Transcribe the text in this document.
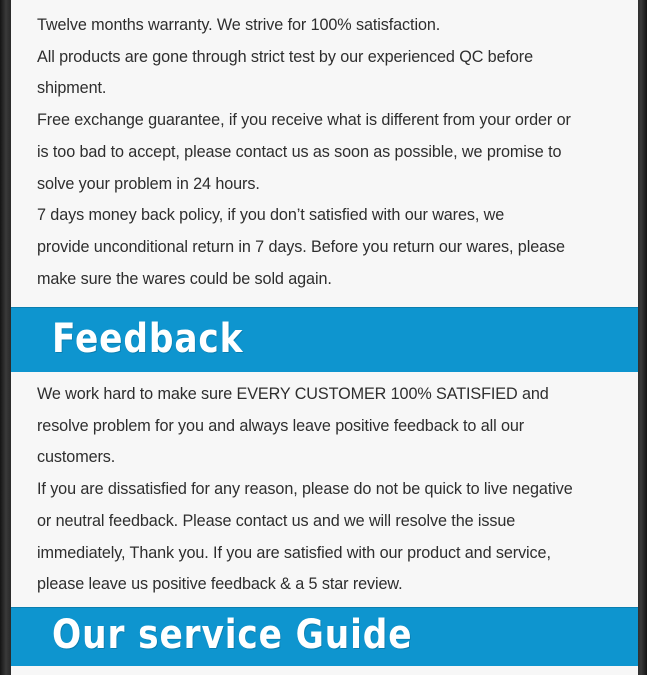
Twelve months warranty. We strive for 100% satisfaction.
All products are gone through strict test by our experienced QC before
shipment.
Free exchange guarantee, if you receive what is different from your order or
is too bad to accept, please contact us as soon as possible, we promise to
solve your problem in 24 hours.
7 days money back policy, if you don’t satisfied with our wares, we
provide unconditional return in 7 days. Before you return our wares, please
make sure the wares could be sold again.
Feedback
We work hard to make sure EVERY CUSTOMER 100% SATISFIED and
resolve problem for you and always leave positive feedback to all our
customers.
If you are dissatisfied for any reason, please do not be quick to live negative
or neutral feedback. Please contact us and we will resolve the issue
immediately, Thank you. If you are satisfied with our product and service,
please leave us positive feedback & a 5 star review.
Our service Guide
